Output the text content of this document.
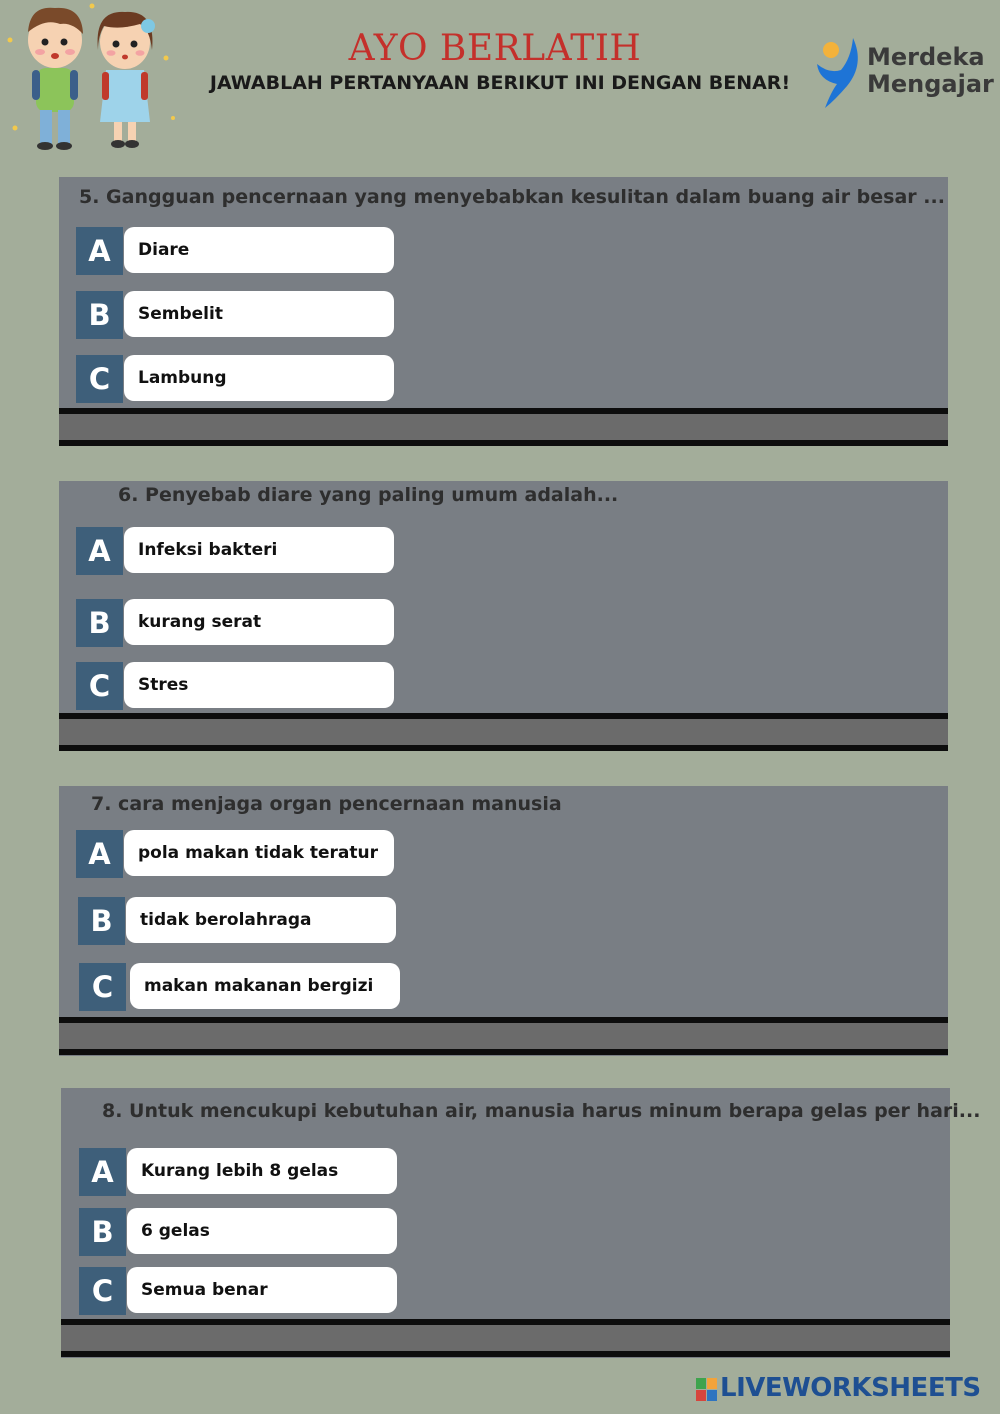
AYO BERLATIH
JAWABLAH PERTANYAAN BERIKUT INI DENGAN BENAR!
Merdeka
Mengajar
5. Gangguan pencernaan yang menyebabkan kesulitan dalam buang air besar ...
A	Diare
B	Sembelit
C	Lambung
6. Penyebab diare yang paling umum adalah...
A	Infeksi bakteri
B	kurang serat
C	Stres
7. cara menjaga organ pencernaan manusia
A	pola makan tidak teratur
B	tidak berolahraga
C	makan makanan bergizi
8. Untuk mencukupi kebutuhan air, manusia harus minum berapa gelas per hari...
A	Kurang lebih 8 gelas
B	6 gelas
C	Semua benar
LIVEWORKSHEETS
